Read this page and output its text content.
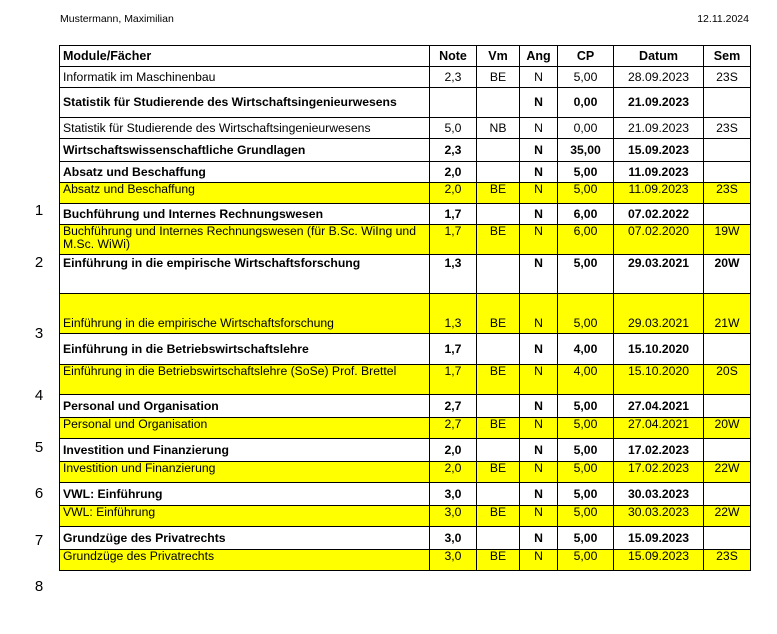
Mustermann, Maximilian	12.11.2024
Module/Fächer	Note	Vm	Ang	CP	Datum	Sem
Informatik im Maschinenbau	2,3	BE	N	5,00	28.09.2023	23S
Statistik für Studierende des Wirtschaftsingenieurwesens			N	0,00	21.09.2023	
Statistik für Studierende des Wirtschaftsingenieurwesens	5,0	NB	N	0,00	21.09.2023	23S
Wirtschaftswissenschaftliche Grundlagen	2,3		N	35,00	15.09.2023	
Absatz und Beschaffung	2,0		N	5,00	11.09.2023	
Absatz und Beschaffung	2,0	BE	N	5,00	11.09.2023	23S
Buchführung und Internes Rechnungswesen	1,7		N	6,00	07.02.2022	
Buchführung und Internes Rechnungswesen (für B.Sc. WiIng und M.Sc. WiWi)	1,7	BE	N	6,00	07.02.2020	19W
Einführung in die empirische Wirtschaftsforschung	1,3		N	5,00	29.03.2021	20W
Einführung in die empirische Wirtschaftsforschung	1,3	BE	N	5,00	29.03.2021	21W
Einführung in die Betriebswirtschaftslehre	1,7		N	4,00	15.10.2020	
Einführung in die Betriebswirtschaftslehre (SoSe) Prof. Brettel	1,7	BE	N	4,00	15.10.2020	20S
Personal und Organisation	2,7		N	5,00	27.04.2021	
Personal und Organisation	2,7	BE	N	5,00	27.04.2021	20W
Investition und Finanzierung	2,0		N	5,00	17.02.2023	
Investition und Finanzierung	2,0	BE	N	5,00	17.02.2023	22W
VWL: Einführung	3,0		N	5,00	30.03.2023	
VWL: Einführung	3,0	BE	N	5,00	30.03.2023	22W
Grundzüge des Privatrechts	3,0		N	5,00	15.09.2023	
Grundzüge des Privatrechts	3,0	BE	N	5,00	15.09.2023	23S
1
2
3
4
5
6
7
8
